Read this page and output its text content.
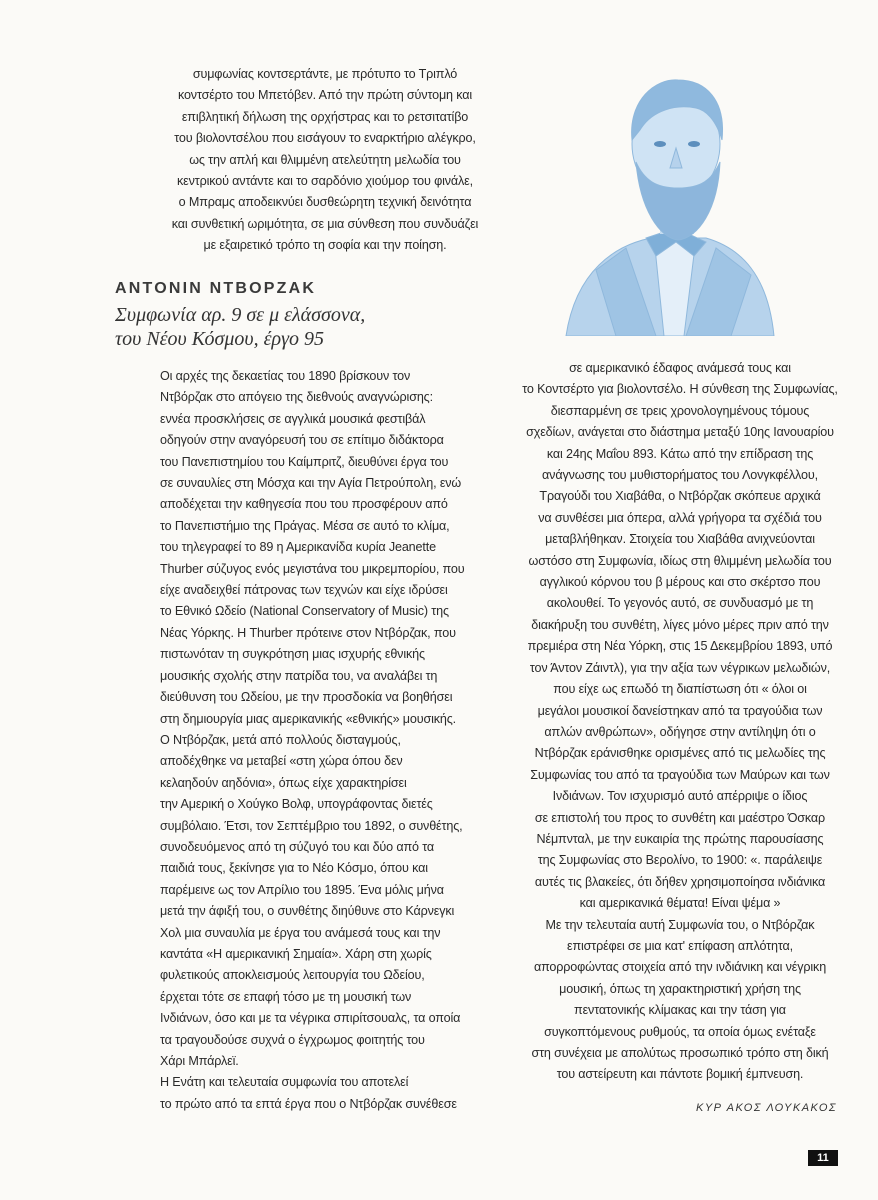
συμφωνίας κοντσερτάντε, με πρότυπο το Τριπλό
κοντσέρτο του Μπετόβεν. Από την πρώτη σύντομη και
επιβλητική δήλωση της ορχήστρας και το ρετσιτατίβο
του βιολοντσέλου που εισάγουν το εναρκτήριο αλέγκρο,
ως την απλή και θλιμμένη ατελεύτητη μελωδία του
κεντρικού αντάντε και το σαρδόνιο χιούμορ του φινάλε,
ο Μπραμς αποδεικνύει δυσθεώρητη τεχνική δεινότητα
και συνθετική ωριμότητα, σε μια σύνθεση που συνδυάζει
με εξαιρετικό τρόπο τη σοφία και την ποίηση.

ΑΝΤΟΝΙΝ ΝΤΒΟΡΖΑΚ

Συμφωνία αρ. 9 σε μ ελάσσονα,

του Νέου Κόσμου, έργο 95

Οι αρχές της δεκαετίας του 1890 βρίσκουν τον
Ντβόρζακ στο απόγειο της διεθνούς αναγνώρισης:
εννέα προσκλήσεις σε αγγλικά μουσικά φεστιβάλ
οδηγούν στην αναγόρευσή του σε επίτιμο διδάκτορα
του Πανεπιστημίου του Καίμπριτζ, διευθύνει έργα του
σε συναυλίες στη Μόσχα και την Αγία Πετρούπολη, ενώ
αποδέχεται την καθηγεσία που του προσφέρουν από
το Πανεπιστήμιο της Πράγας. Μέσα σε αυτό το κλίμα,
του τηλεγραφεί το 89 η Αμερικανίδα κυρία Jeanette
Thurber σύζυγος ενός μεγιστάνα του μικρεμπορίου, που
είχε αναδειχθεί πάτρονας των τεχνών και είχε ιδρύσει
το Εθνικό Ωδείο (National Conservatory of Music) της
Νέας Υόρκης. Η Thurber πρότεινε στον Ντβόρζακ, που
πιστωνόταν τη συγκρότηση μιας ισχυρής εθνικής
μουσικής σχολής στην πατρίδα του, να αναλάβει τη
διεύθυνση του Ωδείου, με την προσδοκία να βοηθήσει
στη δημιουργία μιας αμερικανικής «εθνικής» μουσικής.
Ο Ντβόρζακ, μετά από πολλούς δισταγμούς,
αποδέχθηκε να μεταβεί «στη χώρα όπου δεν
κελαηδούν αηδόνια», όπως είχε χαρακτηρίσει
την Αμερική ο Χούγκο Βολφ, υπογράφοντας διετές
συμβόλαιο. Έτσι, τον Σεπτέμβριο του 1892, ο συνθέτης,
συνοδευόμενος από τη σύζυγό του και δύο από τα
παιδιά τους, ξεκίνησε για το Νέο Κόσμο, όπου και
παρέμεινε ως τον Απρίλιο του 1895. Ένα μόλις μήνα
μετά την άφιξή του, ο συνθέτης διηύθυνε στο Κάρνεγκι
Χολ μια συναυλία με έργα του ανάμεσά τους και την
καντάτα «Η αμερικανική Σημαία». Χάρη στη χωρίς
φυλετικούς αποκλεισμούς λειτουργία του Ωδείου,
έρχεται τότε σε επαφή τόσο με τη μουσική των
Ινδιάνων, όσο και με τα νέγρικα σπιρίτσουαλς, τα οποία
τα τραγουδούσε συχνά ο έγχρωμος φοιτητής του
Χάρι Μπάρλεϊ.
Η Ενάτη και τελευταία συμφωνία του αποτελεί
το πρώτο από τα επτά έργα που ο Ντβόρζακ συνέθεσε
σε αμερικανικό έδαφος ανάμεσά τους και
το Κοντσέρτο για βιολοντσέλο. Η σύνθεση της Συμφωνίας,
διεσπαρμένη σε τρεις χρονολογημένους τόμους
σχεδίων, ανάγεται στο διάστημα μεταξύ 10ης Ιανουαρίου
και 24ης Μαΐου 893. Κάτω από την επίδραση της
ανάγνωσης του μυθιστορήματος του Λονγκφέλλου,
Τραγούδι του Χιαβάθα, ο Ντβόρζακ σκόπευε αρχικά
να συνθέσει μια όπερα, αλλά γρήγορα τα σχέδιά του
μεταβλήθηκαν. Στοιχεία του Χιαβάθα ανιχνεύονται
ωστόσο στη Συμφωνία, ιδίως στη θλιμμένη μελωδία του
αγγλικού κόρνου του β μέρους και στο σκέρτσο που
ακολουθεί. Το γεγονός αυτό, σε συνδυασμό με τη
διακήρυξη του συνθέτη, λίγες μόνο μέρες πριν από την
πρεμιέρα στη Νέα Υόρκη, στις 15 Δεκεμβρίου 1893, υπό
τον Άντον Ζάιντλ), για την αξία των νέγρικων μελωδιών,
που είχε ως επωδό τη διαπίστωση ότι « όλοι οι
μεγάλοι μουσικοί δανείστηκαν από τα τραγούδια των
απλών ανθρώπων», οδήγησε στην αντίληψη ότι ο
Ντβόρζακ εράνισθηκε ορισμένες από τις μελωδίες της
Συμφωνίας του από τα τραγούδια των Μαύρων και των
Ινδιάνων. Τον ισχυρισμό αυτό απέρριψε ο ίδιος
σε επιστολή του προς το συνθέτη και μαέστρο Όσκαρ
Νέμπνταλ, με την ευκαιρία της πρώτης παρουσίασης
της Συμφωνίας στο Βερολίνο, το 1900: «. παράλειψε
αυτές τις βλακείες, ότι δήθεν χρησιμοποίησα ινδιάνικα
και αμερικανικά θέματα! Είναι ψέμα »
Με την τελευταία αυτή Συμφωνία του, ο Ντβόρζακ
επιστρέφει σε μια κατ' επίφαση απλότητα,
απορροφώντας στοιχεία από την ινδιάνικη και νέγρικη
μουσική, όπως τη χαρακτηριστική χρήση της
πεντατονικής κλίμακας και την τάση για
συγκοπτόμενους ρυθμούς, τα οποία όμως ενέταξε
στη συνέχεια με απολύτως προσωπικό τρόπο στη δική
του αστείρευτη και πάντοτε βομική έμπνευση.
ΚΥΡ ΑΚΟΣ ΛΟΥΚΑΚΟΣ
11
